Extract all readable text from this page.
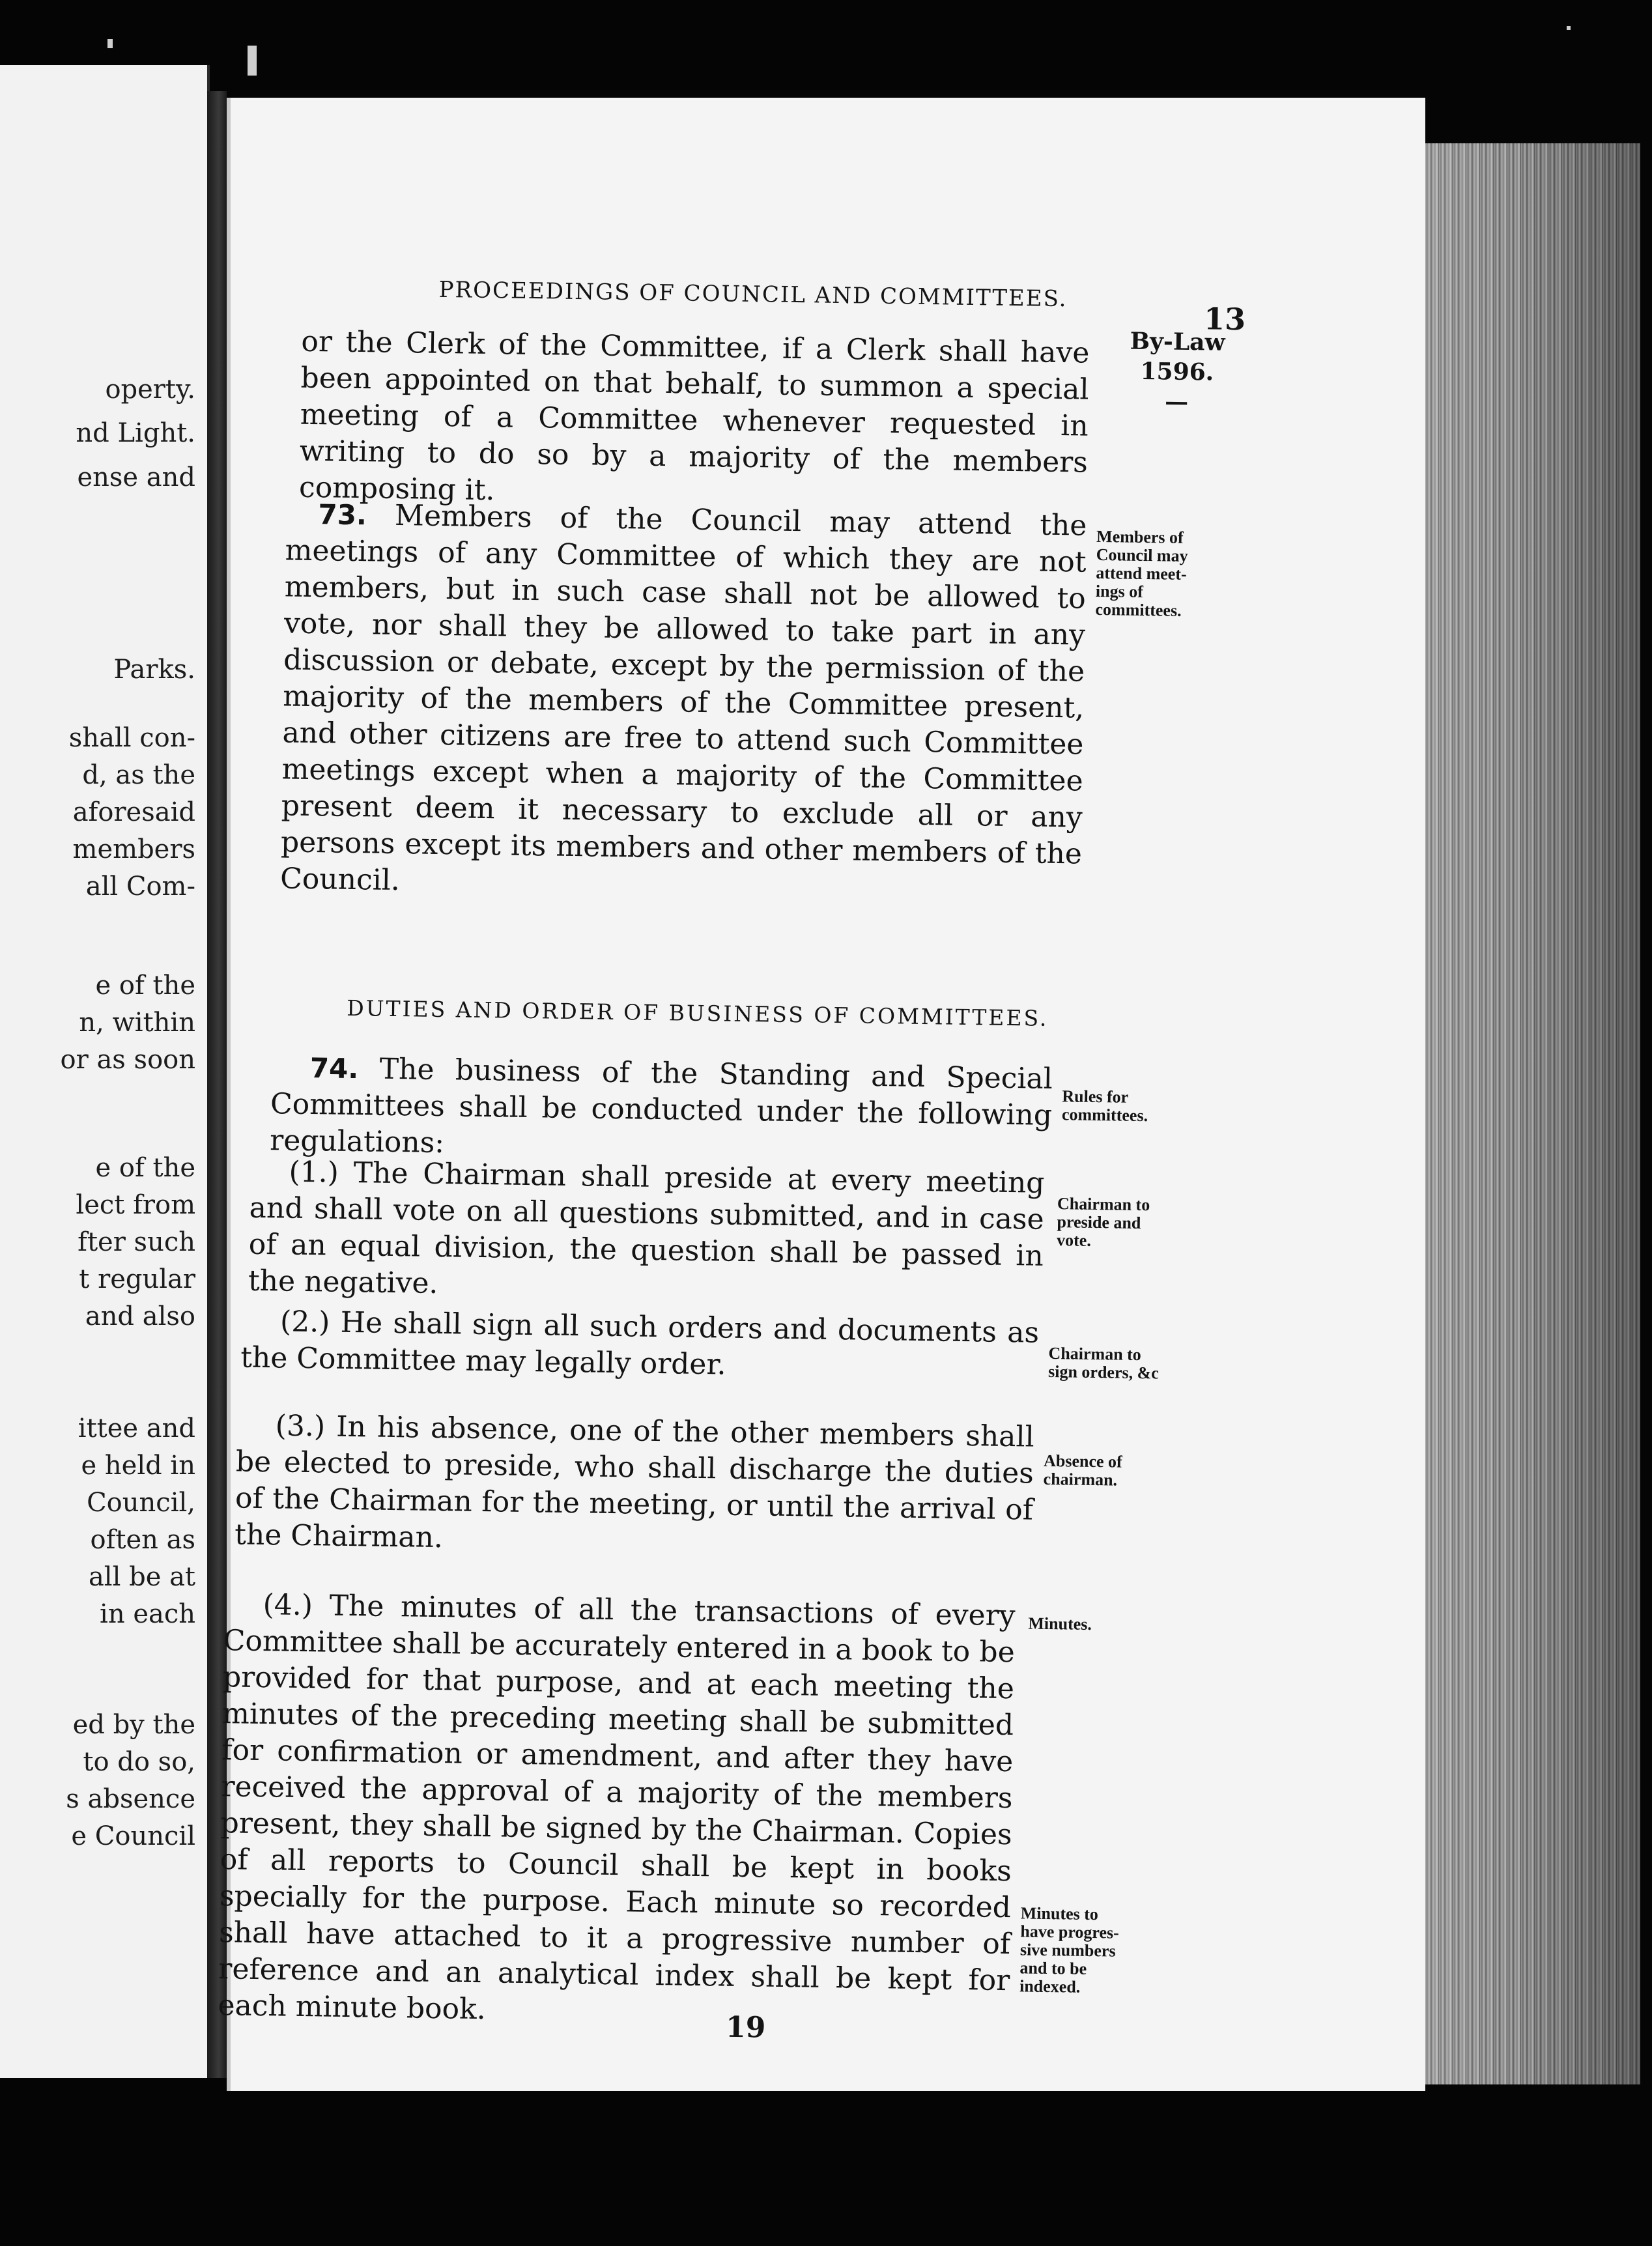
operty.
nd Light.
ense and
Parks.
shall con-
d, as the
aforesaid
members
all Com-
e of the
n, within
or as soon
e of the
lect from
fter such
t regular
and also
ittee and
e held in
Council,
often as
all be at
in each
ed by the
to do so,
s absence
e Council
PROCEEDINGS OF COUNCIL AND COMMITTEES.
13
By-Law
1596.
—
or the Clerk of the Committee, if a Clerk shall have been appointed on that behalf, to summon a special meeting of a Committee whenever requested in writing to do so by a majority of the members composing it.
73. Members of the Council may attend the meetings of any Committee of which they are not members, but in such case shall not be allowed to vote, nor shall they be allowed to take part in any discussion or debate, except by the permission of the majority of the members of the Committee present, and other citizens are free to attend such Committee meetings except when a majority of the Committee present deem it necessary to exclude all or any persons except its members and other members of the Council.
Members of
Council may
attend meet-
ings of
committees.
DUTIES AND ORDER OF BUSINESS OF COMMITTEES.
74. The business of the Standing and Special Committees shall be conducted under the following regulations:
Rules for
committees.
(1.) The Chairman shall preside at every meeting and shall vote on all questions submitted, and in case of an equal division, the question shall be passed in the negative.
Chairman to
preside and
vote.
(2.) He shall sign all such orders and documents as the Committee may legally order.	Chairman to
sign orders, &c
(3.) In his absence, one of the other members shall be elected to preside, who shall discharge the duties of the Chairman for the meeting, or until the arrival of the Chairman.
Absence of
chairman.
(4.) The minutes of all the transactions of every Committee shall be accurately entered in a book to be provided for that purpose, and at each meeting the minutes of the preceding meeting shall be submitted for confirmation or amendment, and after they have received the approval of a majority of the members present, they shall be signed by the Chairman. Copies of all reports to Council shall be kept in books specially for the purpose. Each minute so recorded shall have attached to it a progressive number of reference and an analytical index shall be kept for each minute book.
Minutes.
Minutes to
have progres-
sive numbers
and to be
indexed.
19
